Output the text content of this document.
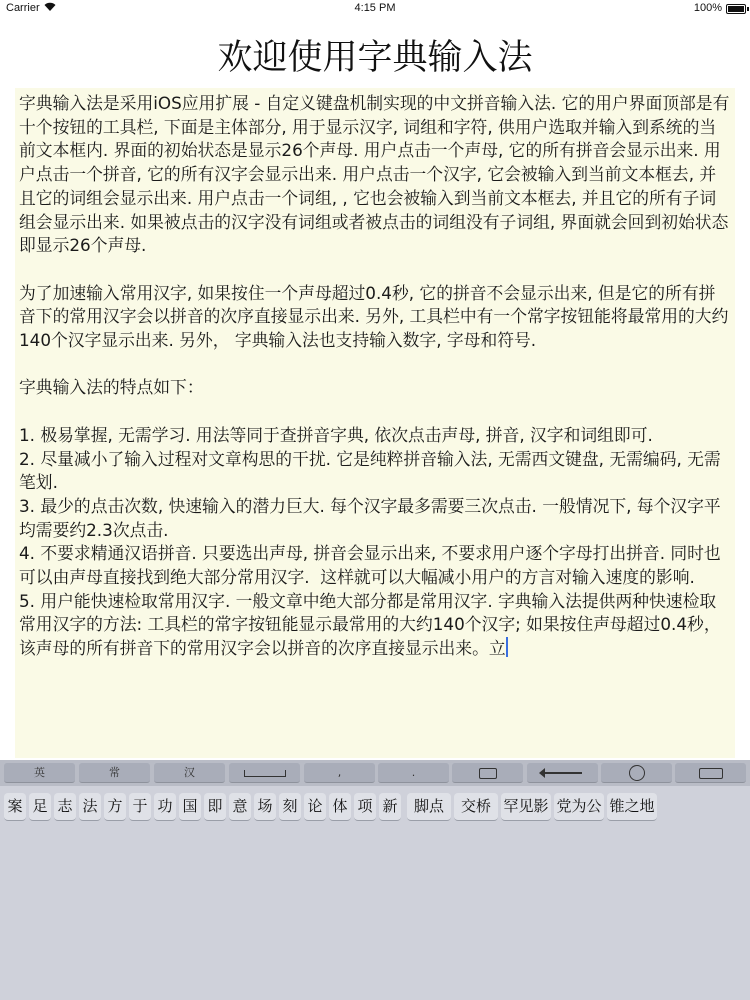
Carrier	4:15 PM	100%
欢迎使用字典输入法

字典输入法是采用iOS应用扩展 - 自定义键盘机制实现的中文拼音输入法. 它的用户界面顶部是有十个按钮的工具栏, 下面是主体部分, 用于显示汉字, 词组和字符, 供用户选取并输入到系统的当前文本框内. 界面的初始状态是显示26个声母. 用户点击一个声母, 它的所有拼音会显示出来. 用户点击一个拼音, 它的所有汉字会显示出来. 用户点击一个汉字, 它会被输入到当前文本框去, 并且它的词组会显示出来. 用户点击一个词组, , 它也会被输入到当前文本框去, 并且它的所有子词组会显示出来. 如果被点击的汉字没有词组或者被点击的词组没有子词组, 界面就会回到初始状态即显示26个声母.

为了加速输入常用汉字, 如果按住一个声母超过0.4秒, 它的拼音不会显示出来, 但是它的所有拼音下的常用汉字会以拼音的次序直接显示出来. 另外, 工具栏中有一个常字按钮能将最常用的大约140个汉字显示出来. 另外， 字典输入法也支持输入数字, 字母和符号.

字典输入法的特点如下：

1. 极易掌握, 无需学习. 用法等同于查拼音字典, 依次点击声母, 拼音, 汉字和词组即可.

2. 尽量减小了输入过程对文章构思的干扰. 它是纯粹拼音输入法, 无需西文键盘, 无需编码, 无需笔划.

3. 最少的点击次数, 快速输入的潜力巨大. 每个汉字最多需要三次点击. 一般情况下, 每个汉字平均需要约2.3次点击.

4. 不要求精通汉语拼音. 只要选出声母, 拼音会显示出来, 不要求用户逐个字母打出拼音. 同时也可以由声母直接找到绝大部分常用汉字.  这样就可以大幅减小用户的方言对输入速度的影响.

5. 用户能快速检取常用汉字. 一般文章中绝大部分都是常用汉字. 字典输入法提供两种快速检取常用汉字的方法: 工具栏的常字按钮能显示最常用的大约140个汉字; 如果按住声母超过0.4秒，该声母的所有拼音下的常用汉字会以拼音的次序直接显示出来。立

英	常	汉	,	.
案 足 志 法 方 于 功 国 即 意 场 刻 论 体 项 新	脚点	交桥 罕见影 党为公 锥之地
